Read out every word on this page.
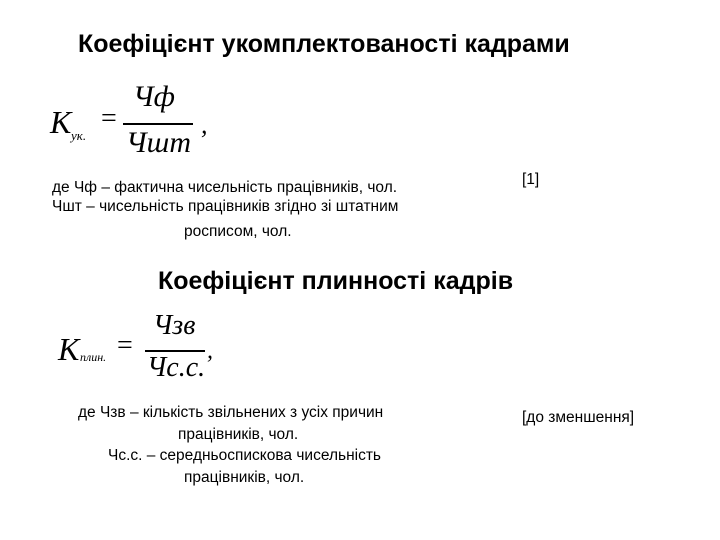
Коефіцієнт укомплектованості кадрами
К ук.
=
Чф
Чшт
,
де Чф – фактична чисельність працівників, чол.
Чшт – чисельність працівників згідно зі штатним
росписом, чол.
[1]
Коефіцієнт плинності кадрів
К плин. =
Чзв
Чс.с.
,
де Чзв – кількість звільнених з усіх причин
працівників, чол.
Чс.с. – середньоспискова чисельність
працівників, чол.
[до зменшення]
